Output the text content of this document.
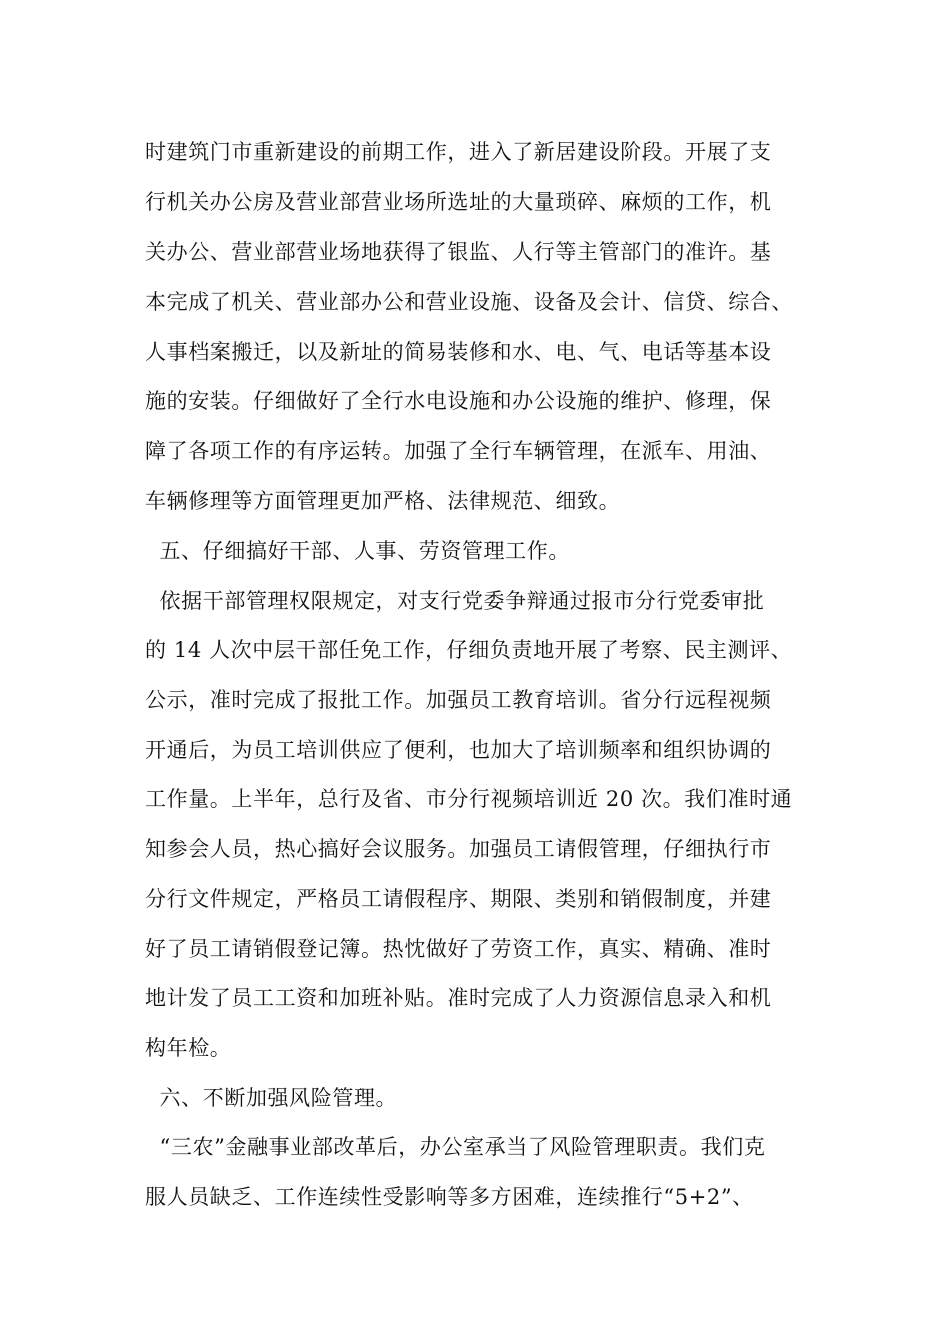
时建筑门市重新建设的前期工作，进入了新居建设阶段。开展了支
行机关办公房及营业部营业场所选址的大量琐碎、麻烦的工作，机
关办公、营业部营业场地获得了银监、人行等主管部门的准许。基
本完成了机关、营业部办公和营业设施、设备及会计、信贷、综合、
人事档案搬迁，以及新址的简易装修和水、电、气、电话等基本设
施的安装。仔细做好了全行水电设施和办公设施的维护、修理，保
障了各项工作的有序运转。加强了全行车辆管理，在派车、用油、
车辆修理等方面管理更加严格、法律规范、细致。
五、仔细搞好干部、人事、劳资管理工作。
依据干部管理权限规定，对支行党委争辩通过报市分行党委审批
的 14 人次中层干部任免工作，仔细负责地开展了考察、民主测评、
公示，准时完成了报批工作。加强员工教育培训。省分行远程视频
开通后，为员工培训供应了便利，也加大了培训频率和组织协调的
工作量。上半年，总行及省、市分行视频培训近 20 次。我们准时通
知参会人员，热心搞好会议服务。加强员工请假管理，仔细执行市
分行文件规定，严格员工请假程序、期限、类别和销假制度，并建
好了员工请销假登记簿。热忱做好了劳资工作，真实、精确、准时
地计发了员工工资和加班补贴。准时完成了人力资源信息录入和机
构年检。
六、不断加强风险管理。
“三农”金融事业部改革后，办公室承当了风险管理职责。我们克
服人员缺乏、工作连续性受影响等多方困难，连续推行“5+2”、
